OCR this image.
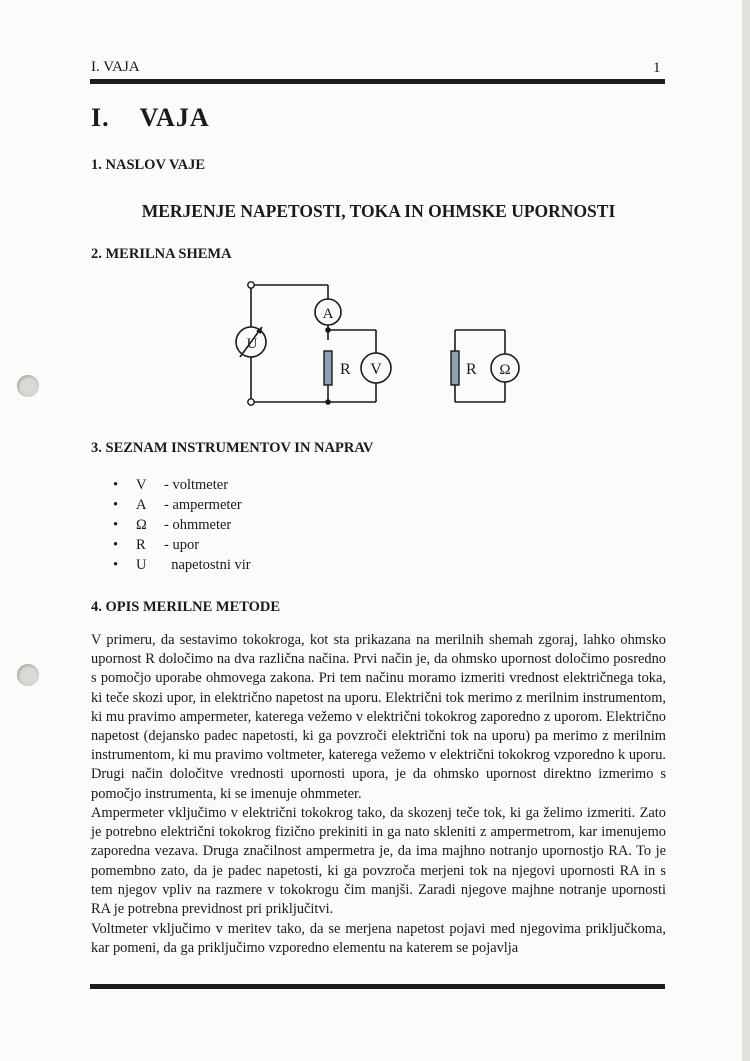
I. VAJA	1
I. VAJA
1. NASLOV VAJE
MERJENJE NAPETOSTI, TOKA IN OHMSKE UPORNOSTI
2. MERILNA SHEMA
A
V
U
R	R Ω
3. SEZNAM INSTRUMENTOV IN NAPRAV
•	V	- voltmeter
•	A	- ampermeter
•	Ω	- ohmmeter
•	R	- upor
•	U	napetostni vir
4. OPIS MERILNE METODE

V primeru, da sestavimo tokokroga, kot sta prikazana na merilnih shemah zgoraj, lahko ohmsko upornost R določimo na dva različna načina. Prvi način je, da ohmsko upornost določimo posredno s pomočjo uporabe ohmovega zakona. Pri tem načinu moramo izmeriti vrednost električnega toka, ki teče skozi upor, in električno napetost na uporu. Električni tok merimo z merilnim instrumentom, ki mu pravimo ampermeter, katerega vežemo v električni tokokrog zaporedno z uporom. Električno napetost (dejansko padec napetosti, ki ga povzroči električni tok na uporu) pa merimo z merilnim instrumentom, ki mu pravimo voltmeter, katerega vežemo v električni tokokrog vzporedno k uporu. Drugi način določitve vrednosti upornosti upora, je da ohmsko upornost direktno izmerimo s pomočjo instrumenta, ki se imenuje ohmmeter.

Ampermeter vključimo v električni tokokrog tako, da skozenj teče tok, ki ga želimo izmeriti. Zato je potrebno električni tokokrog fizično prekiniti in ga nato skleniti z ampermetrom, kar imenujemo zaporedna vezava. Druga značilnost ampermetra je, da ima majhno notranjo upornostjo RA. To je pomembno zato, da je padec napetosti, ki ga povzroča merjeni tok na njegovi upornosti RA in s tem njegov vpliv na razmere v tokokrogu čim manjši. Zaradi njegove majhne notranje upornosti RA je potrebna previdnost pri priključitvi.

Voltmeter vključimo v meritev tako, da se merjena napetost pojavi med njegovima priključkoma, kar pomeni, da ga priključimo vzporedno elementu na katerem se pojavlja
